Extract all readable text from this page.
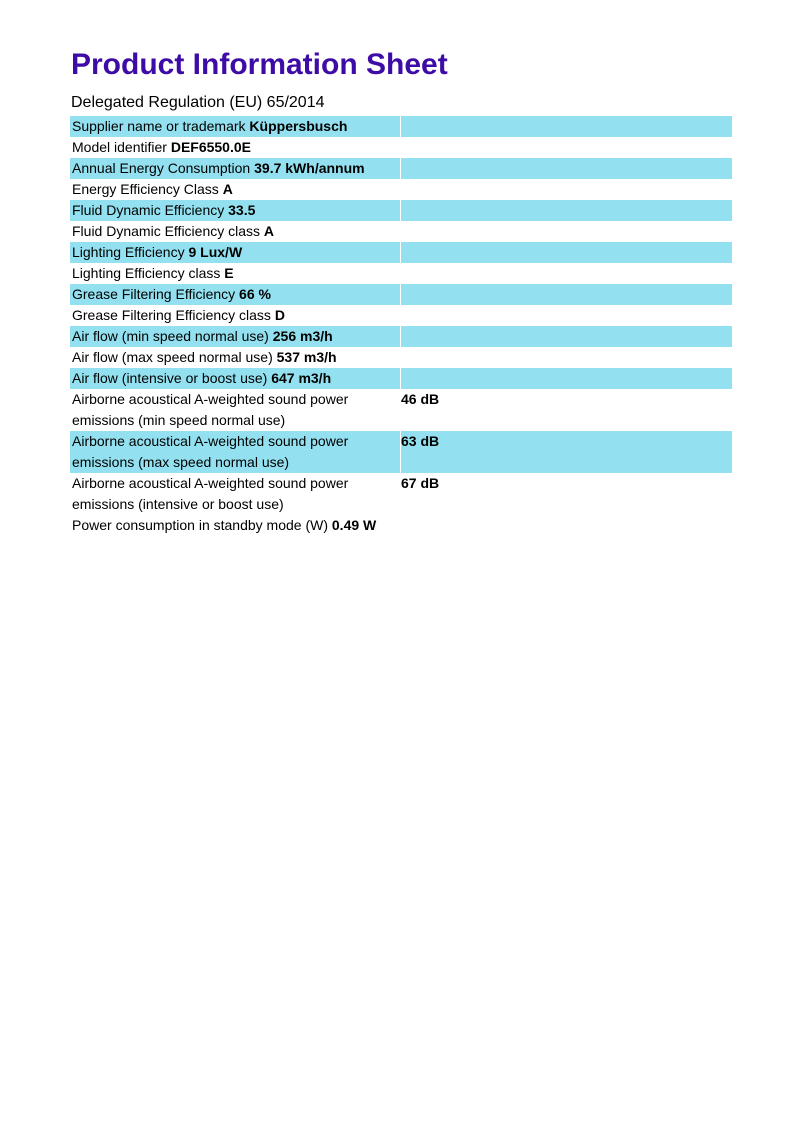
Product Information Sheet
Delegated Regulation (EU) 65/2014
Supplier name or trademark Küppersbusch
Model identifier DEF6550.0E
Annual Energy Consumption 39.7 kWh/annum
Energy Efficiency Class A
Fluid Dynamic Efficiency 33.5
Fluid Dynamic Efficiency class A
Lighting Efficiency 9 Lux/W
Lighting Efficiency class E
Grease Filtering Efficiency 66 %
Grease Filtering Efficiency class D
Air flow (min speed normal use) 256 m3/h
Air flow (max speed normal use) 537 m3/h
Air flow (intensive or boost use) 647 m3/h
Airborne acoustical A-weighted sound power emissions (min speed normal use)
46 dB
Airborne acoustical A-weighted sound power emissions (max speed normal use)
63 dB
Airborne acoustical A-weighted sound power emissions (intensive or boost use)
67 dB
Power consumption in standby mode (W) 0.49 W
